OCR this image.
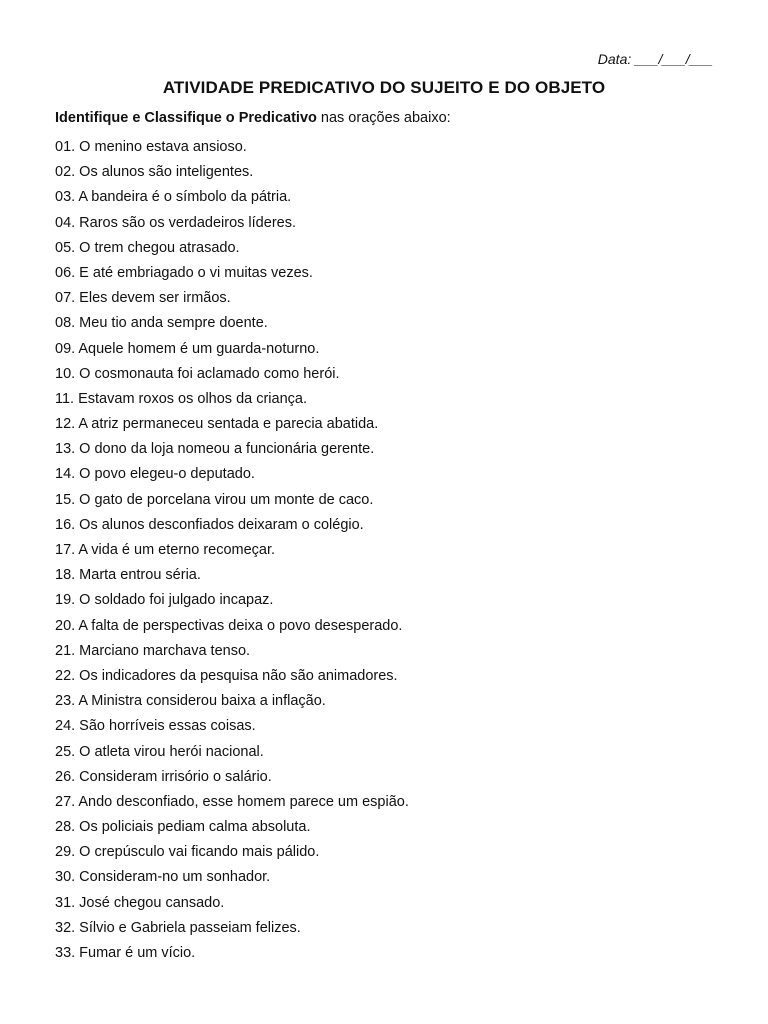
Data: ___/___/___
ATIVIDADE PREDICATIVO DO SUJEITO E DO OBJETO
Identifique e Classifique o Predicativo nas orações abaixo:
01. O menino estava ansioso.
02. Os alunos são inteligentes.
03. A bandeira é o símbolo da pátria.
04. Raros são os verdadeiros líderes.
05. O trem chegou atrasado.
06. E até embriagado o vi muitas vezes.
07. Eles devem ser irmãos.
08. Meu tio anda sempre doente.
09. Aquele homem é um guarda-noturno.
10. O cosmonauta foi aclamado como herói.
11. Estavam roxos os olhos da criança.
12. A atriz permaneceu sentada e parecia abatida.
13. O dono da loja nomeou a funcionária gerente.
14. O povo elegeu-o deputado.
15. O gato de porcelana virou um monte de caco.
16. Os alunos desconfiados deixaram o colégio.
17. A vida é um eterno recomeçar.
18. Marta entrou séria.
19. O soldado foi julgado incapaz.
20. A falta de perspectivas deixa o povo desesperado.
21. Marciano marchava tenso.
22. Os indicadores da pesquisa não são animadores.
23. A Ministra considerou baixa a inflação.
24. São horríveis essas coisas.
25. O atleta virou herói nacional.
26. Consideram irrisório o salário.
27. Ando desconfiado, esse homem parece um espião.
28. Os policiais pediam calma absoluta.
29. O crepúsculo vai ficando mais pálido.
30. Consideram-no um sonhador.
31. José chegou cansado.
32. Sílvio e Gabriela passeiam felizes.
33. Fumar é um vício.
